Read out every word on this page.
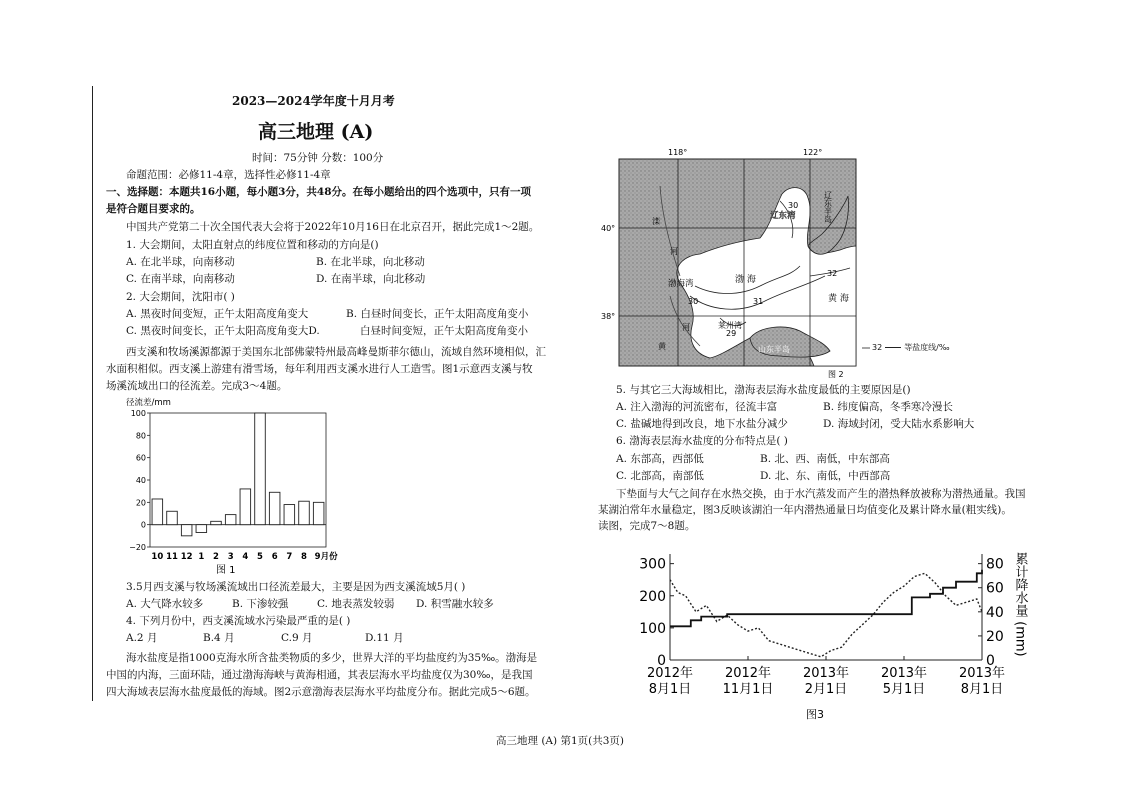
2023—2024学年度十月月考
高三地理 (A)
时间：75分钟 分数：100分
命题范围：必修11-4章，选择性必修11-4章
一、选择题：本题共16小题，每小题3分，共48分。在每小题给出的四个选项中，只有一项
是符合题目要求的。
中国共产党第二十次全国代表大会将于2022年10月16日在北京召开，据此完成1～2题。
1. 大会期间，太阳直射点的纬度位置和移动的方向是()
A. 在北半球，向南移动	B. 在北半球，向北移动
C. 在南半球，向南移动	D. 在南半球，向北移动
2. 大会期间，沈阳市( )
A. 黑夜时间变短，正午太阳高度角变大	B. 白昼时间变长，正午太阳高度角变小
C. 黑夜时间变长，正午太阳高度角变大D.	白昼时间变短，正午太阳高度角变小
西支溪和牧场溪源都源于美国东北部佛蒙特州最高峰曼斯菲尔德山，流域自然环境相似，汇
水面积相似。西支溪上游建有滑雪场，每年利用西支溪水进行人工造雪。图1示意西支溪与牧
场溪流域出口的径流差。完成3～4题。
径流差/mm
100
80
60
40
20
0
−20
10 11 12 1 2 3 4 5 6 7 8 9月份
图 1
3.5月西支溪与牧场溪流域出口径流差最大，主要是因为西支溪流域5月( )
A. 大气降水较多	B. 下渗较强	C. 地表蒸发较弱 D. 积雪融水较多
4. 下列月份中，西支溪流域水污染最严重的是( )
A.2 月	B.4 月	C.9 月	D.11 月
海水盐度是指1000克海水所含盐类物质的多少，世界大洋的平均盐度约为35‰。渤海是
中国的内海，三面环陆，通过渤海海峡与黄海相通，其表层海水平均盐度仅为30‰，是我国
四大海域表层海水盐度最低的海域。图2示意渤海表层海水平均盐度分布。据此完成5～6题。
118°	122°
40°
38°
辽东湾	辽东半岛
渤海湾	渤 海
莱州湾
山东半岛
黄 海
滦
河
河
黄
30
31
32
29
30
图 2
32	等盐度线/‰
5. 与其它三大海域相比，渤海表层海水盐度最低的主要原因是()
A. 注入渤海的河流密布，径流丰富	B. 纬度偏高，冬季寒冷漫长
C. 盐碱地得到改良，地下水盐分减少	D. 海域封闭，受大陆水系影响大
6. 渤海表层海水盐度的分布特点是( )
A. 东部高，西部低	B. 北、西、南低，中东部高
C. 北部高，南部低	D. 北、东、南低，中西部高
下垫面与大气之间存在水热交换，由于水汽蒸发而产生的潜热释放被称为潜热通量。我国
某湖泊常年水量稳定，图3反映该湖泊一年内潜热通量日均值变化及累计降水量(粗实线)。
读图，完成7～8题。
300
200
100
0
80
60
40
20
0
累计降水量 (mm)
2012年
8月1日
2012年
11月1日
2013年
2月1日
2013年
5月1日
2013年
8月1日
图3
高三地理 (A) 第1页(共3页)
